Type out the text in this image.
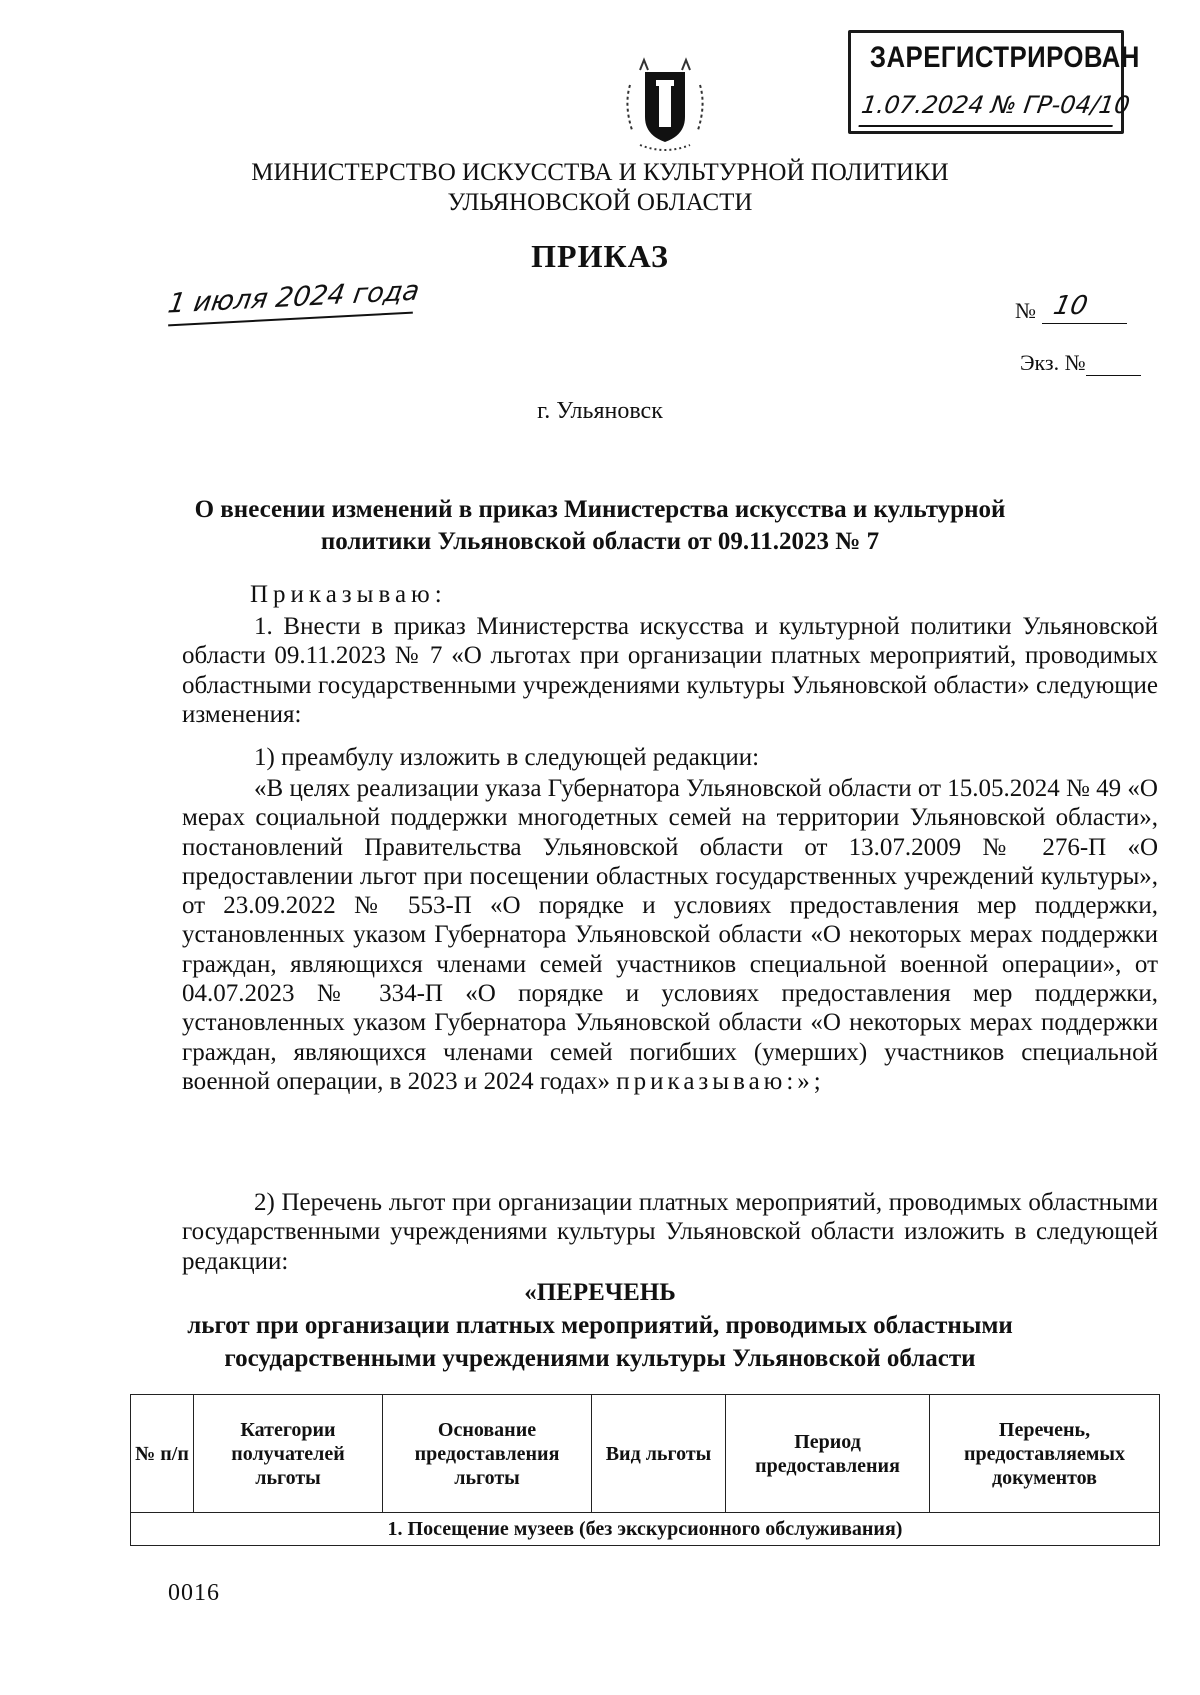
ЗАРЕГИСТРИРОВАН
1.07.2024 № ГР-04/10
МИНИСТЕРСТВО ИСКУССТВА И КУЛЬТУРНОЙ ПОЛИТИКИ
УЛЬЯНОВСКОЙ ОБЛАСТИ
ПРИКАЗ
1 июля 2024 года	№ 10
Экз. №
г. Ульяновск
О внесении изменений в приказ Министерства искусства и культурной
политики Ульяновской области от 09.11.2023 № 7
Приказываю:
1. Внести в приказ Министерства искусства и культурной политики Ульяновской области 09.11.2023 № 7 «О льготах при организации платных мероприятий, проводимых областными государственными учреждениями культуры Ульяновской области» следующие изменения:
1) преамбулу изложить в следующей редакции:
«В целях реализации указа Губернатора Ульяновской области от 15.05.2024 № 49 «О мерах социальной поддержки многодетных семей на территории Ульяновской области», постановлений Правительства Ульяновской области от 13.07.2009 № 276-П «О предоставлении льгот при посещении областных государственных учреждений культуры», от 23.09.2022 № 553-П «О порядке и условиях предоставления мер поддержки, установленных указом Губернатора Ульяновской области «О некоторых мерах поддержки граждан, являющихся членами семей участников специальной военной операции», от 04.07.2023 № 334-П «О порядке и условиях предоставления мер поддержки, установленных указом Губернатора Ульяновской области «О некоторых мерах поддержки граждан, являющихся членами семей погибших (умерших) участников специальной военной операции, в 2023 и 2024 годах» приказываю:»;
2) Перечень льгот при организации платных мероприятий, проводимых областными государственными учреждениями культуры Ульяновской области изложить в следующей редакции:
«ПЕРЕЧЕНЬ
льгот при организации платных мероприятий, проводимых областными
государственными учреждениями культуры Ульяновской области
№ п/п	Категории получателей льготы	Основание предоставления льготы	Вид льготы	Период предоставления	Перечень, предоставляемых документов
1. Посещение музеев (без экскурсионного обслуживания)
0016
